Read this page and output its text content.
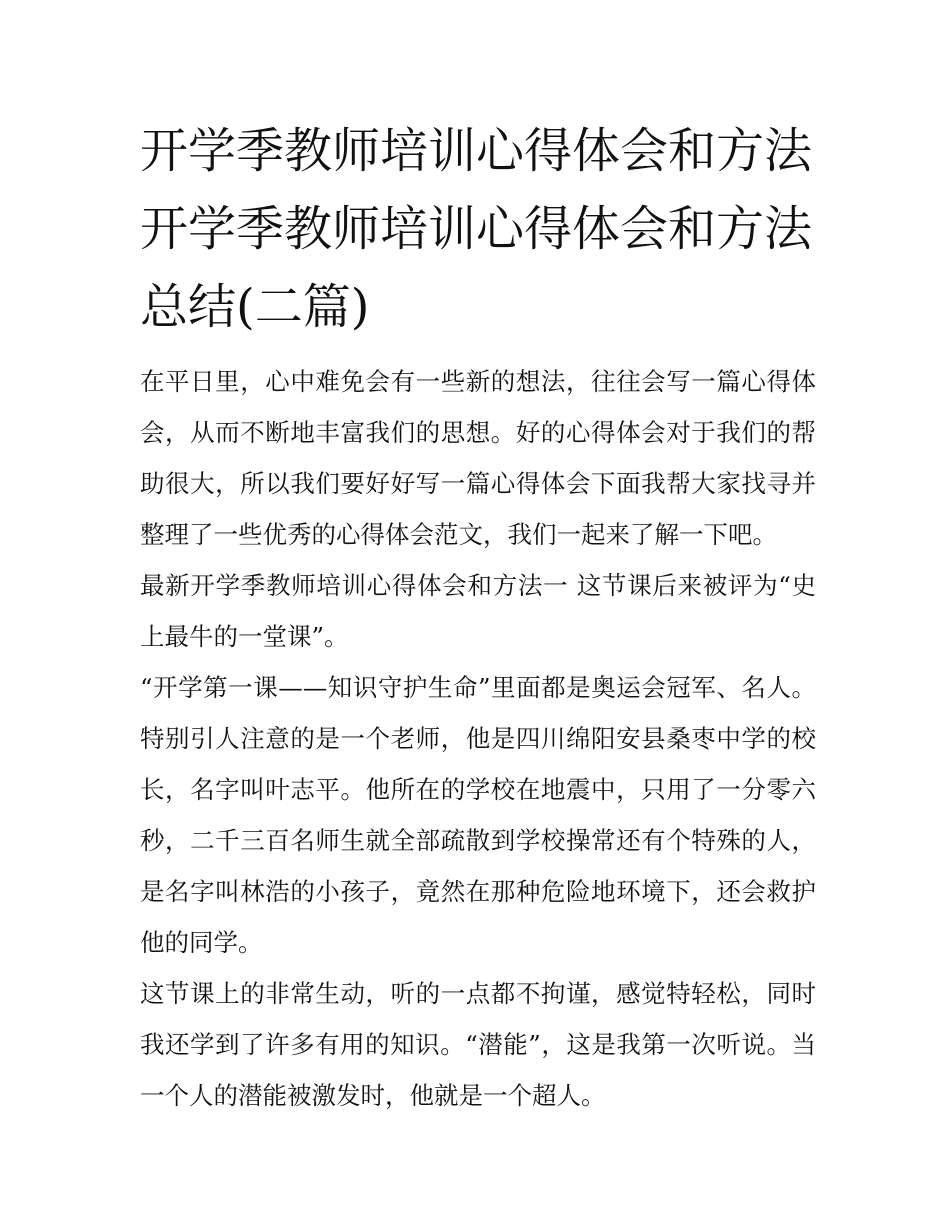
开学季教师培训心得体会和方法 开学季教师培训心得体会和方法总结(二篇)

在平日里，心中难免会有一些新的想法，往往会写一篇心得体会，从而不断地丰富我们的思想。好的心得体会对于我们的帮助很大，所以我们要好好写一篇心得体会下面我帮大家找寻并整理了一些优秀的心得体会范文，我们一起来了解一下吧。

最新开学季教师培训心得体会和方法一 这节课后来被评为“史上最牛的一堂课”。

“开学第一课——知识守护生命”里面都是奥运会冠军、名人。特别引人注意的是一个老师，他是四川绵阳安县桑枣中学的校长，名字叫叶志平。他所在的学校在地震中，只用了一分零六秒，二千三百名师生就全部疏散到学校操常还有个特殊的人，是名字叫林浩的小孩子，竟然在那种危险地环境下，还会救护他的同学。

这节课上的非常生动，听的一点都不拘谨，感觉特轻松，同时我还学到了许多有用的知识。“潜能”，这是我第一次听说。当一个人的潜能被激发时，他就是一个超人。
